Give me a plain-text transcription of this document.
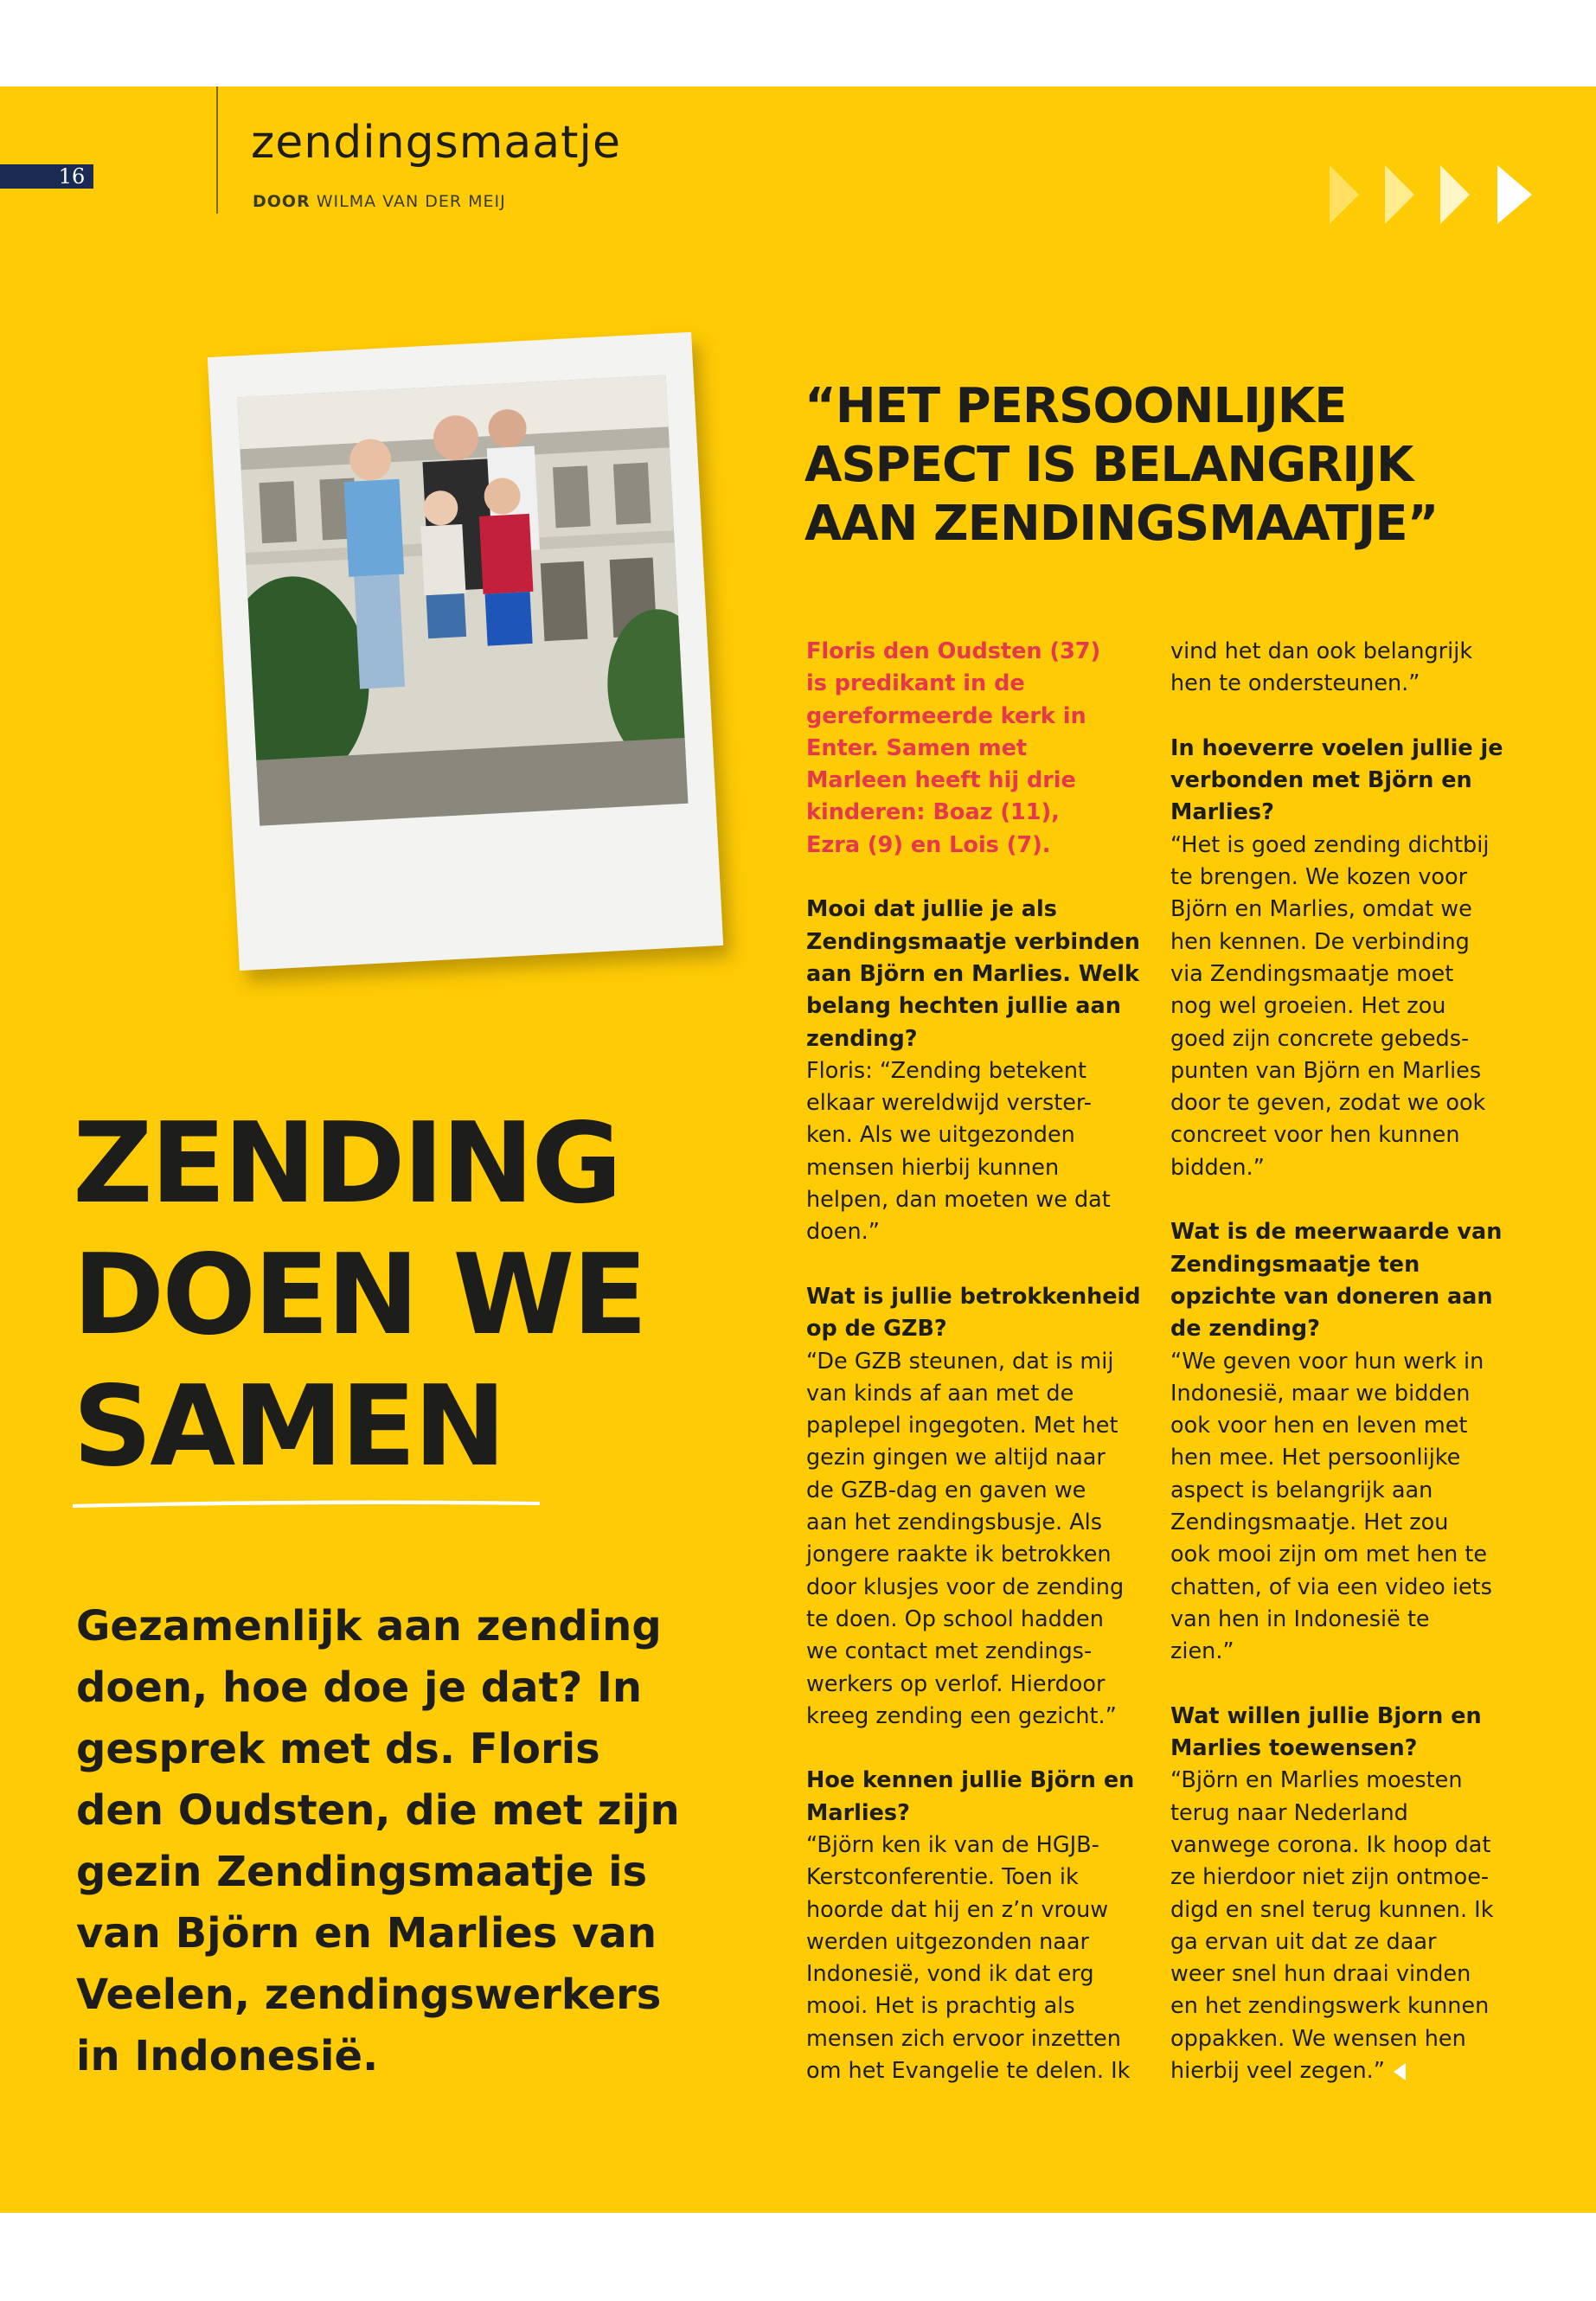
16
zendingsmaatje
DOOR WILMA VAN DER MEIJ
“HET PERSOONLIJKE
ASPECT IS BELANGRIJK
AAN ZENDINGSMAATJE”
ZENDING
DOEN WE
SAMEN
Gezamenlijk aan zending
doen, hoe doe je dat? In
gesprek met ds. Floris
den Oudsten, die met zijn
gezin Zendingsmaatje is
van Björn en Marlies van
Veelen, zendingswerkers
in Indonesië.

Floris den Oudsten (37)
is predikant in de
gereformeerde kerk in
Enter. Samen met
Marleen heeft hij drie
kinderen: Boaz (11),
Ezra (9) en Lois (7).

Mooi dat jullie je als
Zendingsmaatje verbinden
aan Björn en Marlies. Welk
belang hechten jullie aan
zending?
Floris: “Zending betekent
elkaar wereldwijd verster-
ken. Als we uitgezonden
mensen hierbij kunnen
helpen, dan moeten we dat
doen.”

Wat is jullie betrokkenheid
op de GZB?
“De GZB steunen, dat is mij
van kinds af aan met de
paplepel ingegoten. Met het
gezin gingen we altijd naar
de GZB-dag en gaven we
aan het zendingsbusje. Als
jongere raakte ik betrokken
door klusjes voor de zending
te doen. Op school hadden
we contact met zendings-
werkers op verlof. Hierdoor
kreeg zending een gezicht.”

Hoe kennen jullie Björn en
Marlies?
“Björn ken ik van de HGJB-
Kerstconferentie. Toen ik
hoorde dat hij en z’n vrouw
werden uitgezonden naar
Indonesië, vond ik dat erg
mooi. Het is prachtig als
mensen zich ervoor inzetten
om het Evangelie te delen. Ik

vind het dan ook belangrijk
hen te ondersteunen.”

In hoeverre voelen jullie je
verbonden met Björn en
Marlies?
“Het is goed zending dichtbij
te brengen. We kozen voor
Björn en Marlies, omdat we
hen kennen. De verbinding
via Zendingsmaatje moet
nog wel groeien. Het zou
goed zijn concrete gebeds-
punten van Björn en Marlies
door te geven, zodat we ook
concreet voor hen kunnen
bidden.”

Wat is de meerwaarde van
Zendingsmaatje ten
opzichte van doneren aan
de zending?
“We geven voor hun werk in
Indonesië, maar we bidden
ook voor hen en leven met
hen mee. Het persoonlijke
aspect is belangrijk aan
Zendingsmaatje. Het zou
ook mooi zijn om met hen te
chatten, of via een video iets
van hen in Indonesië te
zien.”

Wat willen jullie Bjorn en
Marlies toewensen?
“Björn en Marlies moesten
terug naar Nederland
vanwege corona. Ik hoop dat
ze hierdoor niet zijn ontmoe-
digd en snel terug kunnen. Ik
ga ervan uit dat ze daar
weer snel hun draai vinden
en het zendingswerk kunnen
oppakken. We wensen hen
hierbij veel zegen.”
